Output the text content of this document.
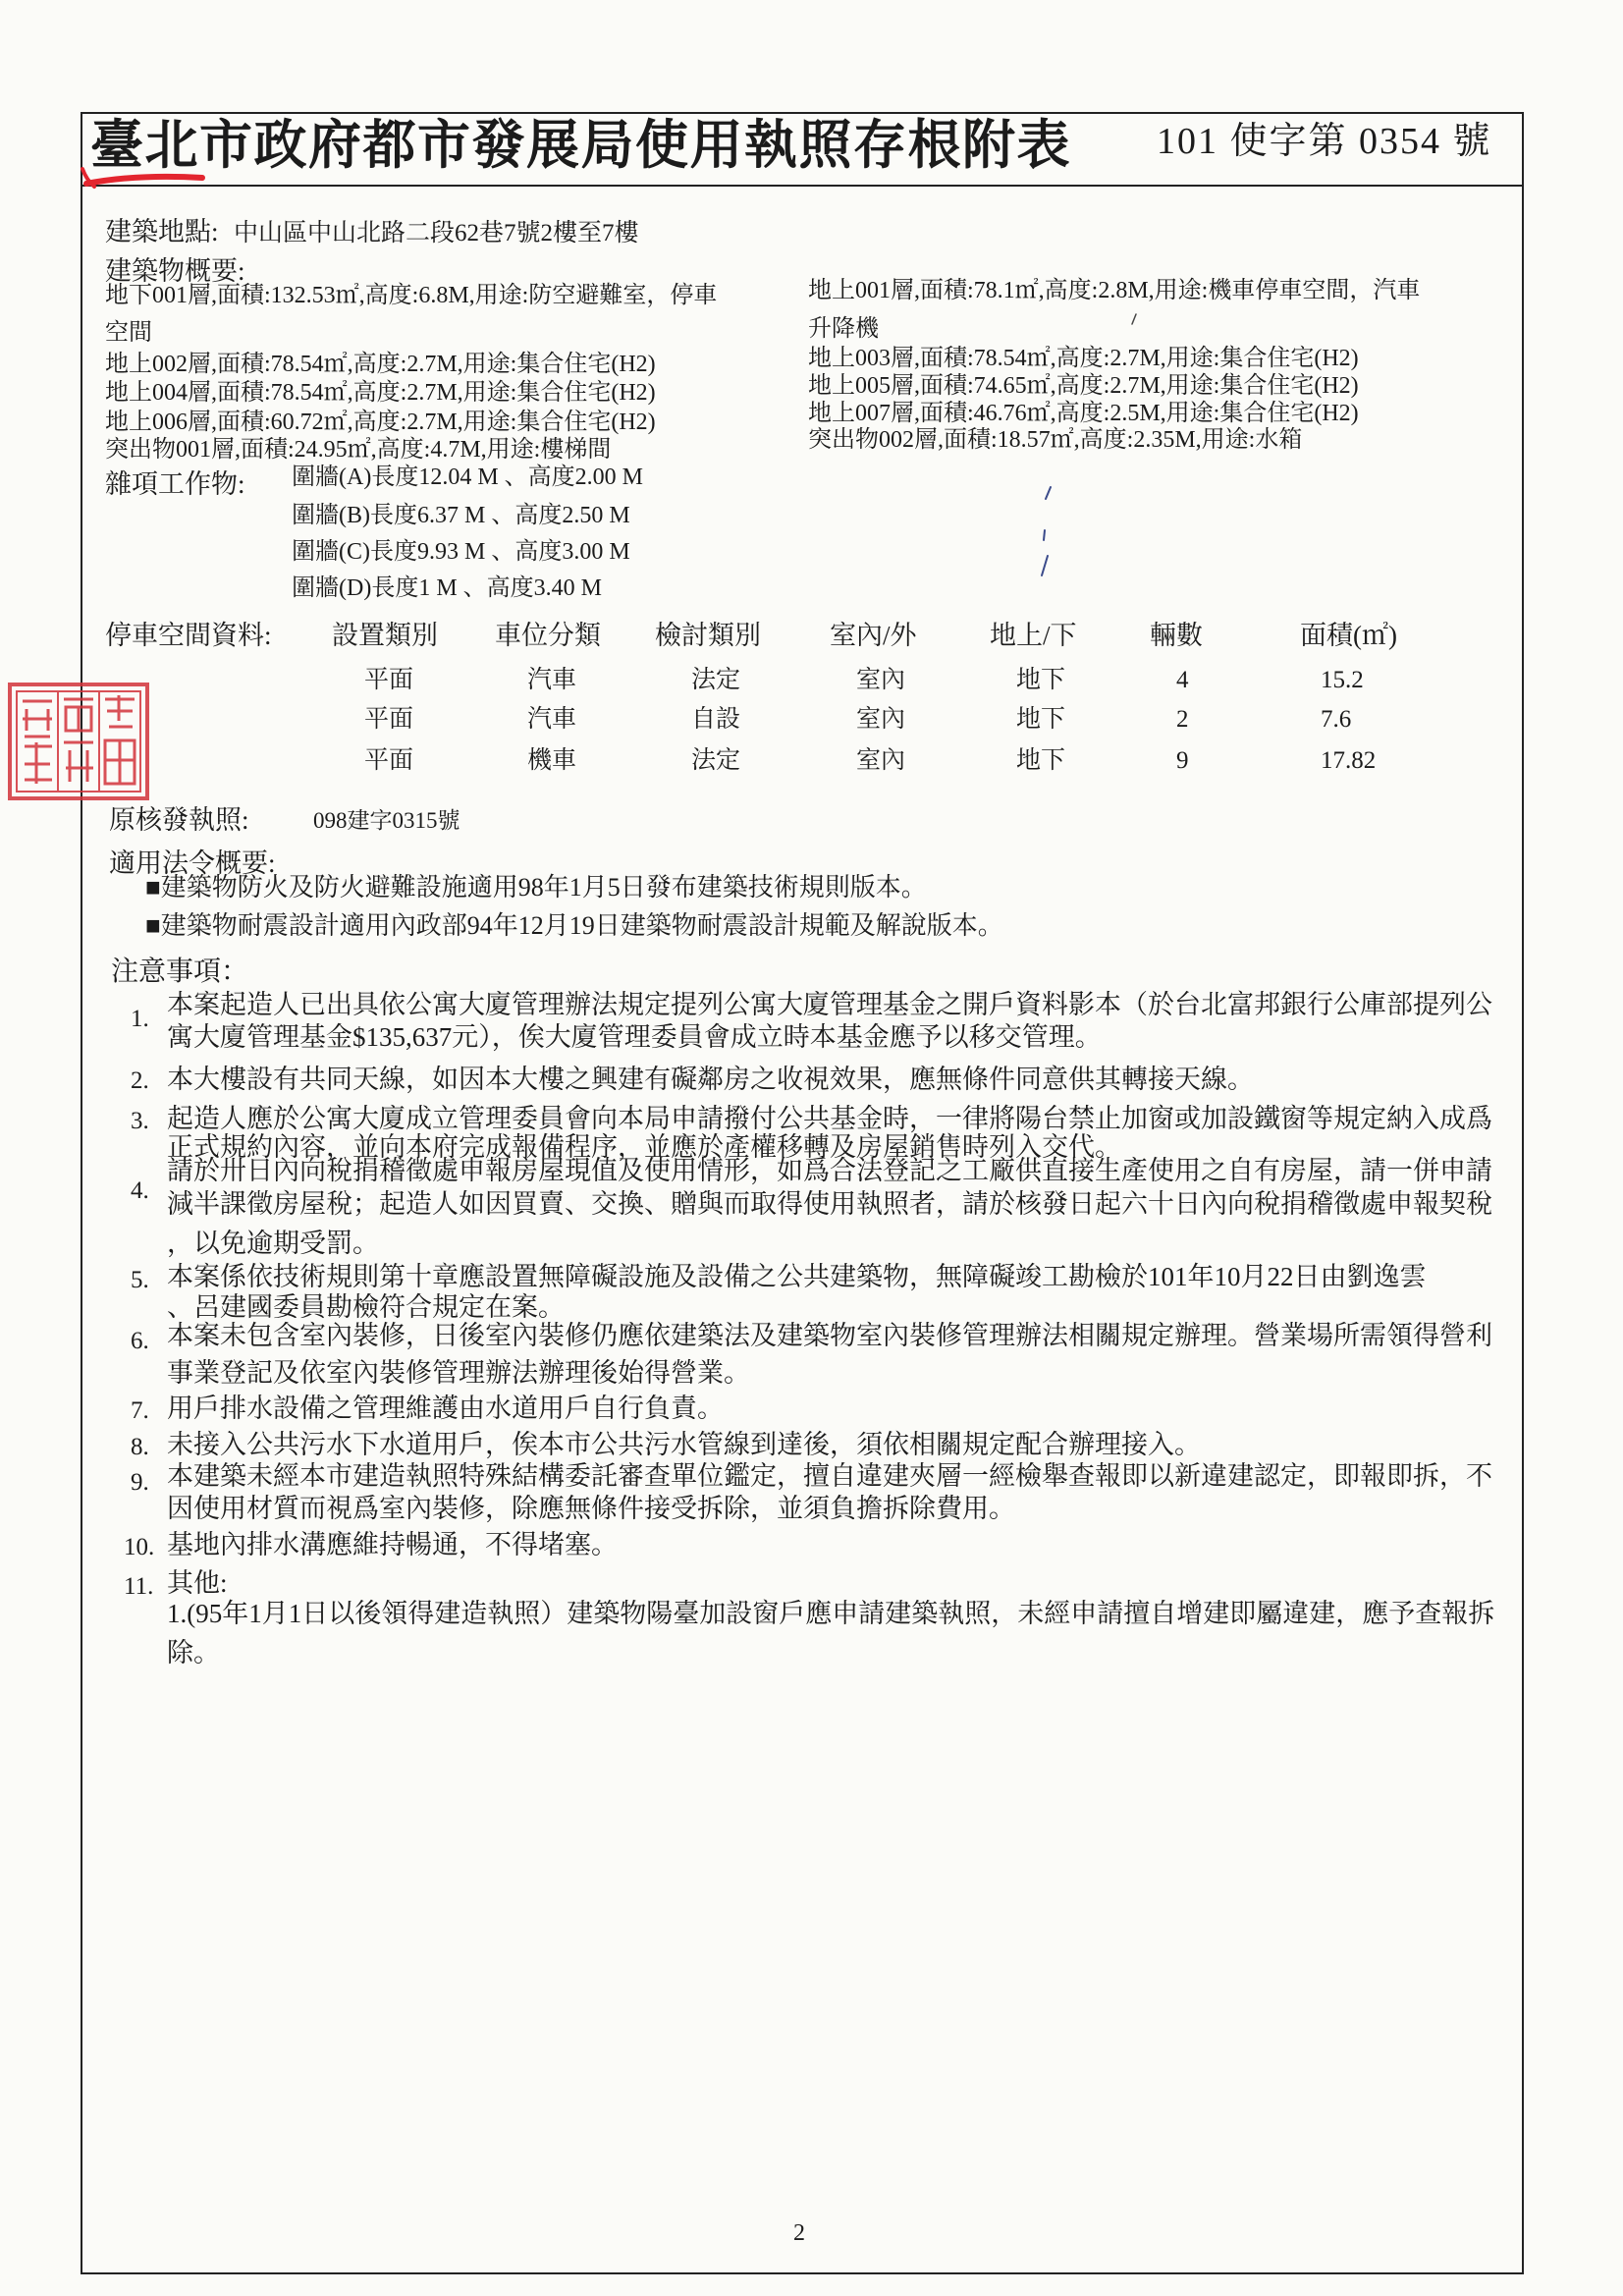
臺北市政府都市發展局使用執照存根附表 101 使字第 0354 號
建築地點: 中山區中山北路二段62巷7號2樓至7樓
建築物概要:
地下001層,面積:132.53㎡,高度:6.8M,用途:防空避難室，停車
空間
地上002層,面積:78.54㎡,高度:2.7M,用途:集合住宅(H2)
地上004層,面積:78.54㎡,高度:2.7M,用途:集合住宅(H2)
地上006層,面積:60.72㎡,高度:2.7M,用途:集合住宅(H2)
突出物001層,面積:24.95㎡,高度:4.7M,用途:樓梯間
地上001層,面積:78.1㎡,高度:2.8M,用途:機車停車空間，汽車
升降機
地上003層,面積:78.54㎡,高度:2.7M,用途:集合住宅(H2)
地上005層,面積:74.65㎡,高度:2.7M,用途:集合住宅(H2)
地上007層,面積:46.76㎡,高度:2.5M,用途:集合住宅(H2)
突出物002層,面積:18.57㎡,高度:2.35M,用途:水箱
雜項工作物: 圍牆(A)長度12.04 M 、高度2.00 M
圍牆(B)長度6.37 M 、高度2.50 M
圍牆(C)長度9.93 M 、高度3.00 M
圍牆(D)長度1 M 、高度3.40 M
停車空間資料: 設置類別 車位分類 檢討類別	室內/外	地上/下	輛數	面積(㎡)
平面	汽車	法定	室內	地下	4	15.2
平面	汽車	自設	室內	地下	2	7.6
平面	機車	法定	室內	地下	9	17.82
原核發執照:	098建字0315號
適用法令概要:
■建築物防火及防火避難設施適用98年1月5日發布建築技術規則版本。
■建築物耐震設計適用內政部94年12月19日建築物耐震設計規範及解說版本。
注意事項：
1. 本案起造人已出具依公寓大廈管理辦法規定提列公寓大廈管理基金之開戶資料影本（於台北富邦銀行公庫部提列公
寓大廈管理基金$135,637元），俟大廈管理委員會成立時本基金應予以移交管理。
2. 本大樓設有共同天線，如因本大樓之興建有礙鄰房之收視效果，應無條件同意供其轉接天線。
3. 起造人應於公寓大廈成立管理委員會向本局申請撥付公共基金時，一律將陽台禁止加窗或加設鐵窗等規定納入成爲
正式規約內容，並向本府完成報備程序，並應於產權移轉及房屋銷售時列入交代。
4.
請於卅日內向稅捐稽徵處申報房屋現值及使用情形，如爲合法登記之工廠供直接生產使用之自有房屋，請一併申請
減半課徵房屋稅；起造人如因買賣、交換、贈與而取得使用執照者，請於核發日起六十日內向稅捐稽徵處申報契稅
，以免逾期受罰。
5. 本案係依技術規則第十章應設置無障礙設施及設備之公共建築物，無障礙竣工勘檢於101年10月22日由劉逸雲
、呂建國委員勘檢符合規定在案。
6. 本案未包含室內裝修，日後室內裝修仍應依建築法及建築物室內裝修管理辦法相關規定辦理。營業場所需領得營利
事業登記及依室內裝修管理辦法辦理後始得營業。
7. 用戶排水設備之管理維護由水道用戶自行負責。
8. 未接入公共污水下水道用戶，俟本市公共污水管線到達後，須依相關規定配合辦理接入。
9. 本建築未經本市建造執照特殊結構委託審查單位鑑定，擅自違建夾層一經檢舉查報即以新違建認定，即報即拆，不
因使用材質而視爲室內裝修，除應無條件接受拆除，並須負擔拆除費用。
10. 基地內排水溝應維持暢通，不得堵塞。
11. 其他:
1.(95年1月1日以後領得建造執照）建築物陽臺加設窗戶應申請建築執照，未經申請擅自增建即屬違建，應予查報拆
除。
2
